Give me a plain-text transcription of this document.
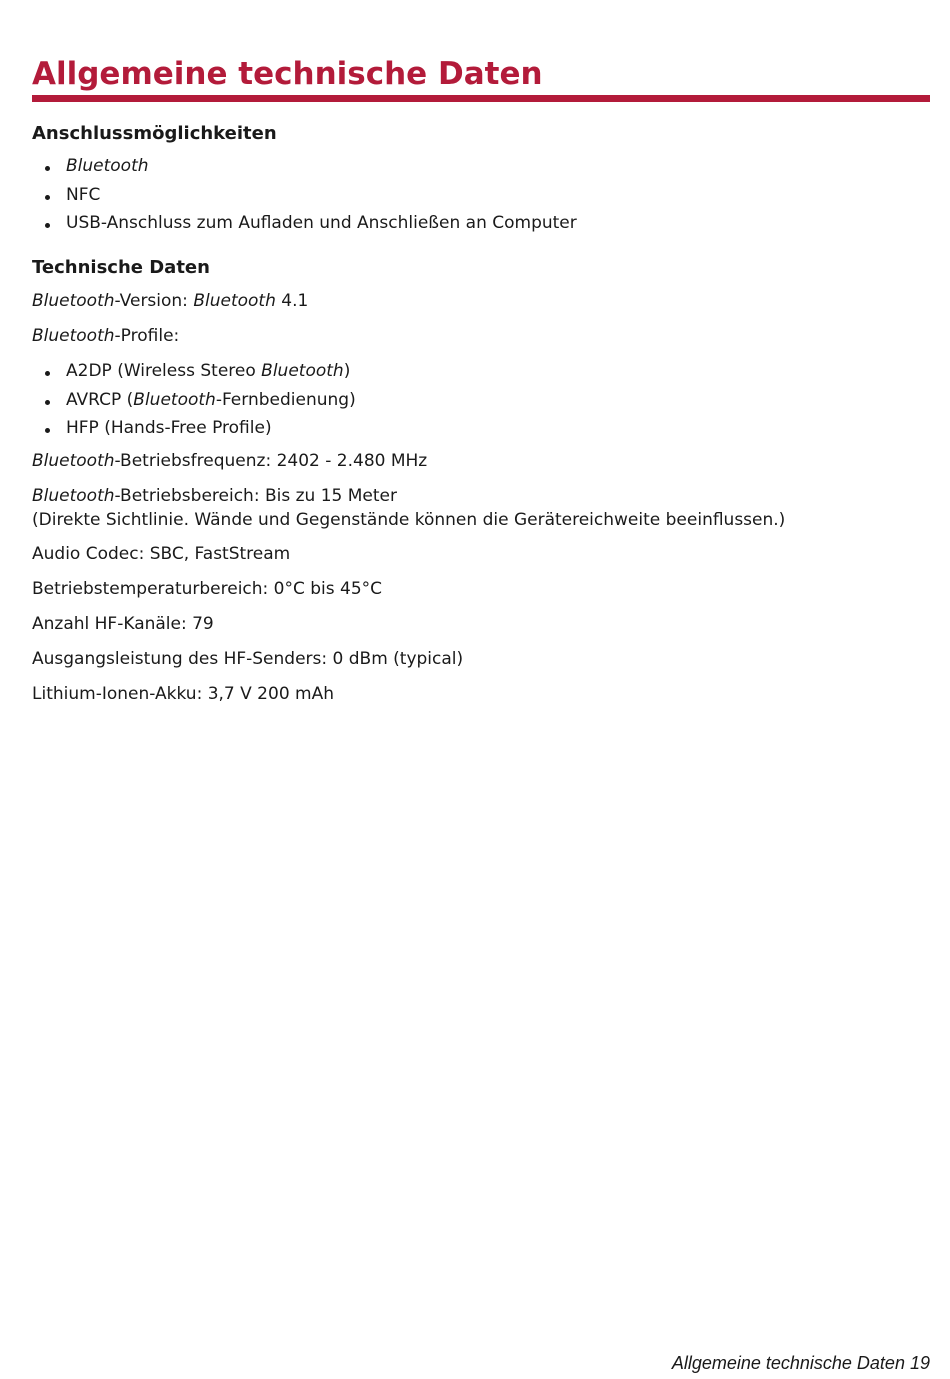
Allgemeine technische Daten
Anschlussmöglichkeiten
Bluetooth
NFC
USB-Anschluss zum Aufladen und Anschließen an Computer
Technische Daten

Bluetooth-Version: Bluetooth 4.1

Bluetooth-Profile:

A2DP (Wireless Stereo Bluetooth)
AVRCP (Bluetooth-Fernbedienung)
HFP (Hands-Free Profile)

Bluetooth-Betriebsfrequenz: 2402 - 2.480 MHz

Bluetooth-Betriebsbereich: Bis zu 15 Meter

(Direkte Sichtlinie. Wände und Gegenstände können die Gerätereichweite beeinflussen.)

Audio Codec: SBC, FastStream

Betriebstemperaturbereich: 0°C bis 45°C

Anzahl HF-Kanäle: 79

Ausgangsleistung des HF-Senders: 0 dBm (typical)

Lithium-Ionen-Akku: 3,7 V 200 mAh

Allgemeine technische Daten 19
